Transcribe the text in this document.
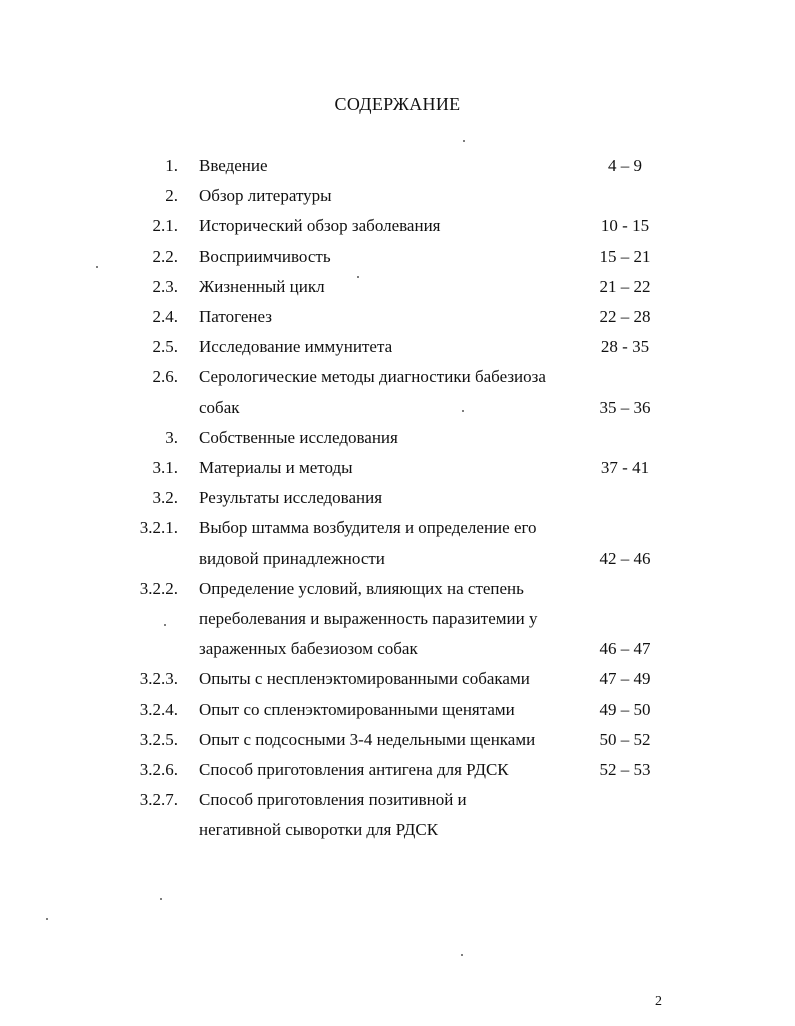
СОДЕРЖАНИЕ
1. Введение	4 – 9
2. Обзор литературы
2.1. Исторический обзор заболевания	10 - 15
2.2. Восприимчивость	15 – 21
2.3. Жизненный цикл	21 – 22
2.4. Патогенез	22 – 28
2.5. Исследование иммунитета	28 - 35
2.6. Серологические методы диагностики бабезиоза
собак	35 – 36
3. Собственные исследования
3.1. Материалы и методы	37 - 41
3.2. Результаты исследования
3.2.1. Выбор штамма возбудителя и определение его
видовой принадлежности	42 – 46
3.2.2. Определение условий, влияющих на степень
переболевания и выраженность паразитемии у
зараженных бабезиозом собак	46 – 47
3.2.3. Опыты с неспленэктомированными собаками	47 – 49
3.2.4. Опыт со спленэктомированными щенятами	49 – 50
3.2.5. Опыт с подсосными 3-4 недельными щенками	50 – 52
3.2.6. Способ приготовления антигена для РДСК	52 – 53
3.2.7. Способ приготовления позитивной и
негативной сыворотки для РДСК
2
